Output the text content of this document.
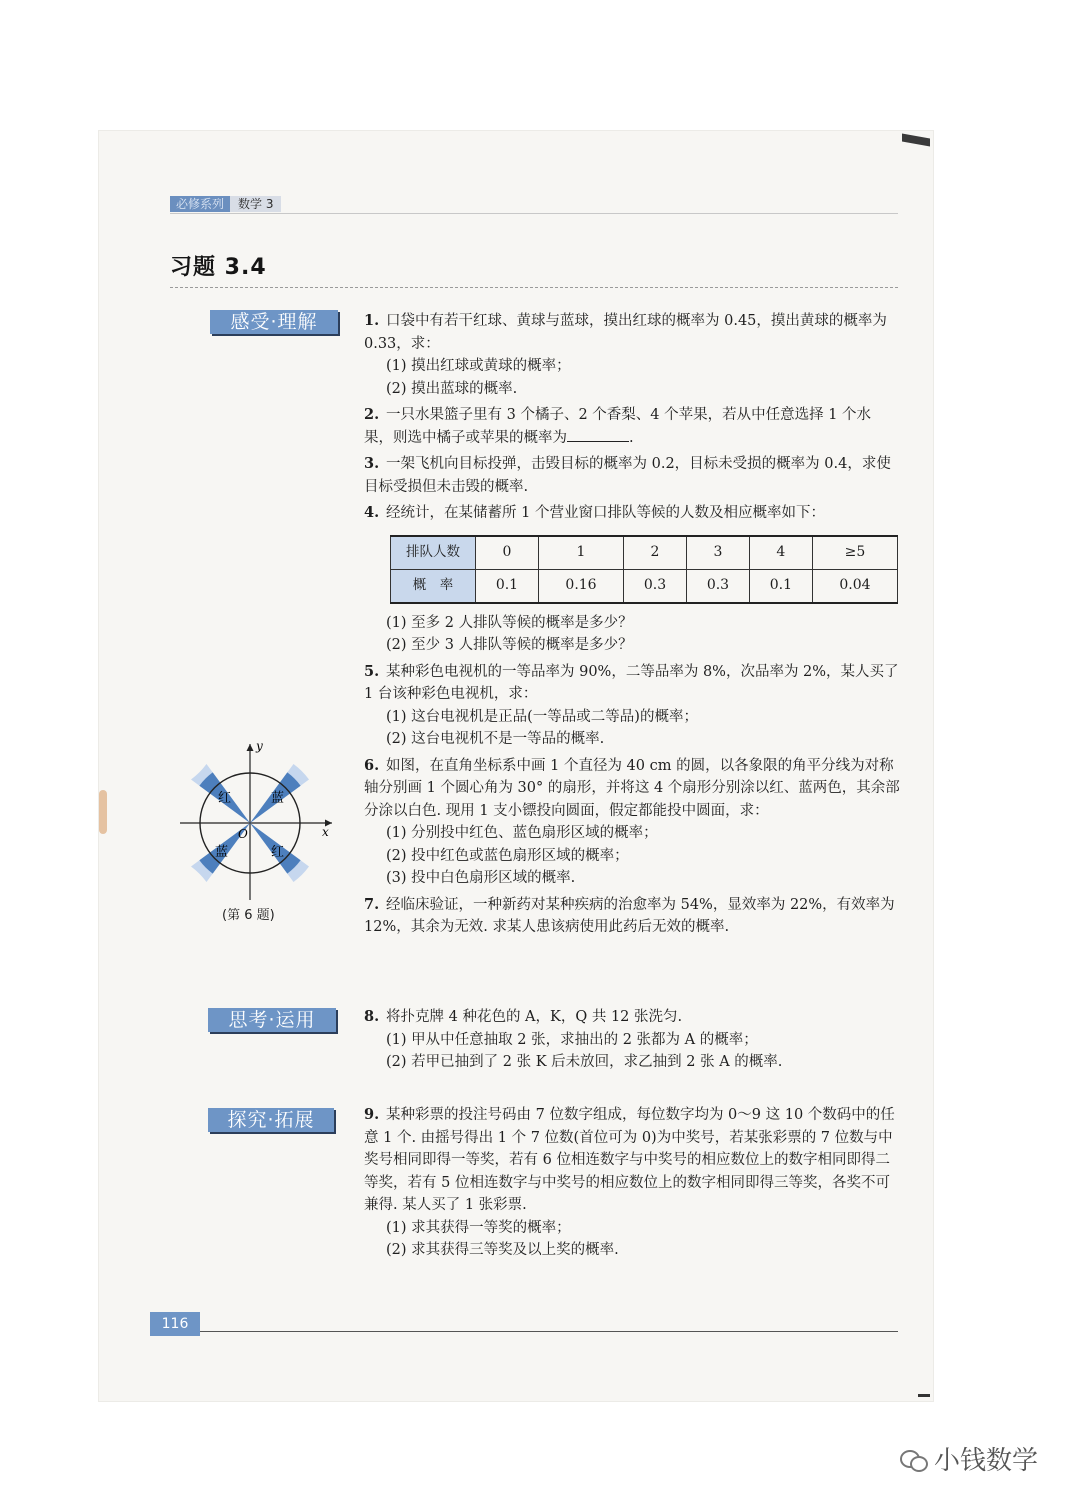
必修系列	数学 3
习题 3.4
感受·理解
思考·运用
探究·拓展
1. 口袋中有若干红球、黄球与蓝球，摸出红球的概率为 0.45，摸出黄球的概率为 0.33，求：
(1) 摸出红球或黄球的概率；
(2) 摸出蓝球的概率.
2. 一只水果篮子里有 3 个橘子、2 个香梨、4 个苹果，若从中任意选择 1 个水果，则选中橘子或苹果的概率为	.
3. 一架飞机向目标投弹，击毁目标的概率为 0.2，目标未受损的概率为 0.4，求使目标受损但未击毁的概率.
4. 经统计，在某储蓄所 1 个营业窗口排队等候的人数及相应概率如下：
排队人数	0	1	2	3	4	≥5
概　率	0.1	0.16	0.3	0.3	0.1	0.04
(1) 至多 2 人排队等候的概率是多少？
(2) 至少 3 人排队等候的概率是多少？
5. 某种彩色电视机的一等品率为 90%，二等品率为 8%，次品率为 2%，某人买了 1 台该种彩色电视机，求：
(1) 这台电视机是正品(一等品或二等品)的概率；
(2) 这台电视机不是一等品的概率.
6. 如图，在直角坐标系中画 1 个直径为 40 cm 的圆，以各象限的角平分线为对称轴分别画 1 个圆心角为 30° 的扇形，并将这 4 个扇形分别涂以红、蓝两色，其余部分涂以白色. 现用 1 支小镖投向圆面，假定都能投中圆面，求：
(1) 分别投中红色、蓝色扇形区域的概率；
(2) 投中红色或蓝色扇形区域的概率；
(3) 投中白色扇形区域的概率.
7. 经临床验证，一种新药对某种疾病的治愈率为 54%，显效率为 22%，有效率为 12%，其余为无效. 求某人患该病使用此药后无效的概率.
y
x
O
红	蓝
蓝	红
(第 6 题)
8. 将扑克牌 4 种花色的 A，K，Q 共 12 张洗匀.
(1) 甲从中任意抽取 2 张，求抽出的 2 张都为 A 的概率；
(2) 若甲已抽到了 2 张 K 后未放回，求乙抽到 2 张 A 的概率.
9. 某种彩票的投注号码由 7 位数字组成，每位数字均为 0～9 这 10 个数码中的任意 1 个. 由摇号得出 1 个 7 位数(首位可为 0)为中奖号，若某张彩票的 7 位数与中奖号相同即得一等奖，若有 6 位相连数字与中奖号的相应数位上的数字相同即得二等奖，若有 5 位相连数字与中奖号的相应数位上的数字相同即得三等奖，各奖不可兼得. 某人买了 1 张彩票.
(1) 求其获得一等奖的概率；
(2) 求其获得三等奖及以上奖的概率.
116
小钱数学
